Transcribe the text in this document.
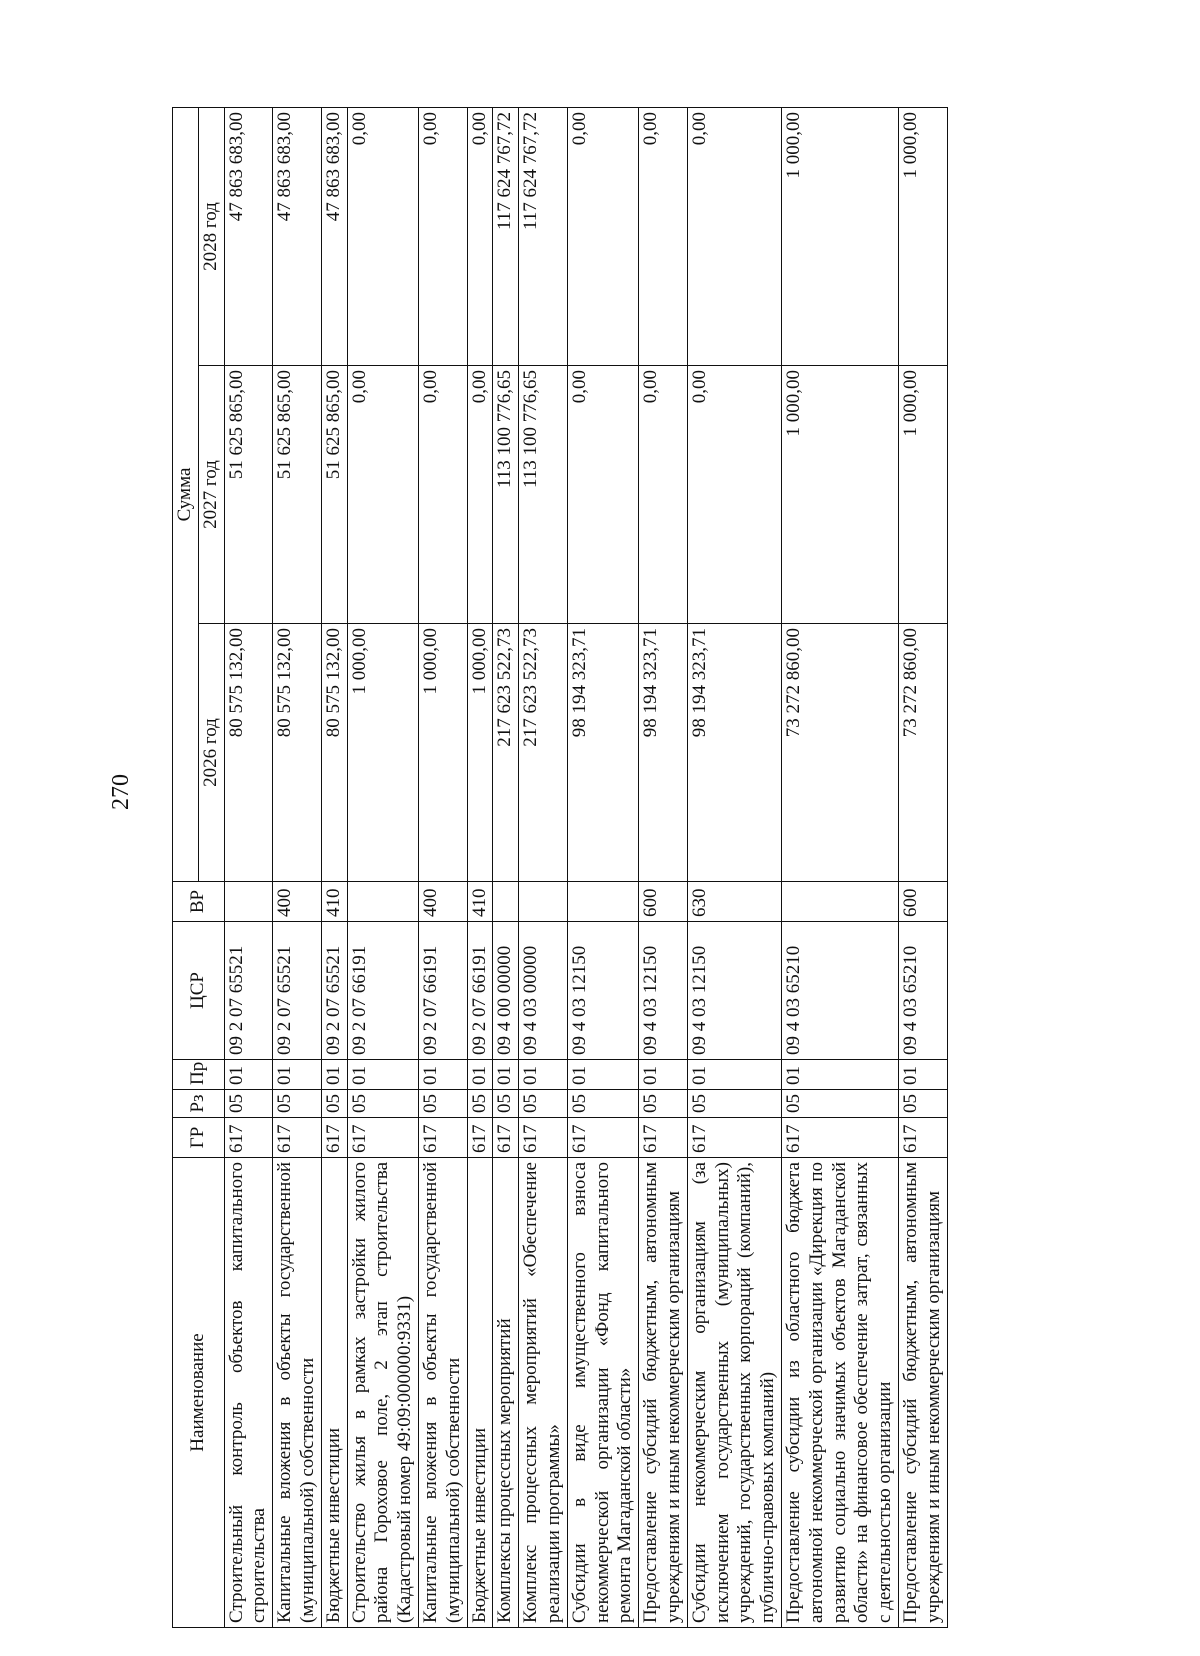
270
Наименование	ГР	Рз	Пр	ЦСР	ВР	Сумма		
						2026 год	2027 год	2028 год
Строительный контроль объектов капитального строительства	617	05	01	09 2 07 65521		80 575 132,00	51 625 865,00	47 863 683,00
Капитальные вложения в объекты государственной (муниципальной) собственности	617	05	01	09 2 07 65521	400	80 575 132,00	51 625 865,00	47 863 683,00
Бюджетные инвестиции	617	05	01	09 2 07 65521	410	80 575 132,00	51 625 865,00	47 863 683,00
Строительство жилья в рамках застройки жилого района Гороховое поле, 2 этап строительства (Кадастровый номер 49:09:000000:9331)	617	05	01	09 2 07 66191		1 000,00	0,00	0,00
Капитальные вложения в объекты государственной (муниципальной) собственности	617	05	01	09 2 07 66191	400	1 000,00	0,00	0,00
Бюджетные инвестиции	617	05	01	09 2 07 66191	410	1 000,00	0,00	0,00
Комплексы процессных мероприятий	617	05	01	09 4 00 00000		217 623 522,73	113 100 776,65	117 624 767,72
Комплекс процессных мероприятий «Обеспечение реализации программы»	617	05	01	09 4 03 00000		217 623 522,73	113 100 776,65	117 624 767,72
Субсидии в виде имущественного взноса некоммерческой организации «Фонд капитального ремонта Магаданской области»	617	05	01	09 4 03 12150		98 194 323,71	0,00	0,00
Предоставление субсидий бюджетным, автономным учреждениям и иным некоммерческим организациям	617	05	01	09 4 03 12150	600	98 194 323,71	0,00	0,00
Субсидии некоммерческим организациям (за исключением государственных (муниципальных) учреждений, государственных корпораций (компаний), публично-правовых компаний)	617	05	01	09 4 03 12150	630	98 194 323,71	0,00	0,00
Предоставление субсидии из областного бюджета автономной некоммерческой организации «Дирекция по развитию социально значимых объектов Магаданской области» на финансовое обеспечение затрат, связанных с деятельностью организации	617	05	01	09 4 03 65210		73 272 860,00	1 000,00	1 000,00
Предоставление субсидий бюджетным, автономным учреждениям и иным некоммерческим организациям	617	05	01	09 4 03 65210	600	73 272 860,00	1 000,00	1 000,00
